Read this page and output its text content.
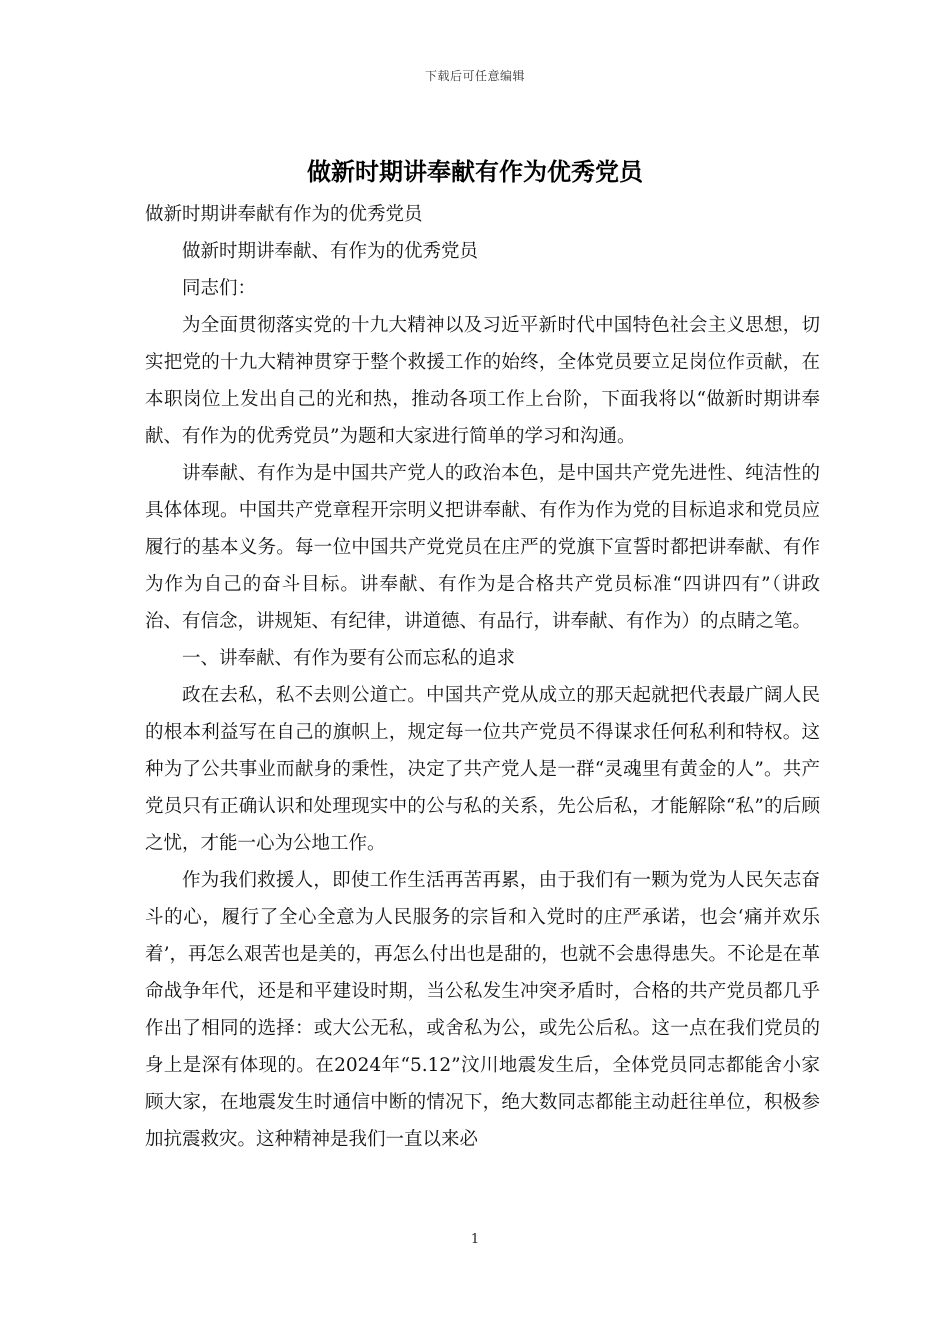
下载后可任意编辑
做新时期讲奉献有作为优秀党员

做新时期讲奉献有作为的优秀党员

做新时期讲奉献、有作为的优秀党员

同志们：

为全面贯彻落实党的十九大精神以及习近平新时代中国特色社会主义思想，切实把党的十九大精神贯穿于整个救援工作的始终，全体党员要立足岗位作贡献，在本职岗位上发出自己的光和热，推动各项工作上台阶，下面我将以“做新时期讲奉献、有作为的优秀党员”为题和大家进行简单的学习和沟通。

讲奉献、有作为是中国共产党人的政治本色，是中国共产党先进性、纯洁性的具体体现。中国共产党章程开宗明义把讲奉献、有作为作为党的目标追求和党员应履行的基本义务。每一位中国共产党党员在庄严的党旗下宣誓时都把讲奉献、有作为作为自己的奋斗目标。讲奉献、有作为是合格共产党员标准“四讲四有”（讲政治、有信念，讲规矩、有纪律，讲道德、有品行，讲奉献、有作为）的点睛之笔。

一、讲奉献、有作为要有公而忘私的追求

政在去私，私不去则公道亡。中国共产党从成立的那天起就把代表最广阔人民的根本利益写在自己的旗帜上，规定每一位共产党员不得谋求任何私利和特权。这种为了公共事业而献身的秉性，决定了共产党人是一群“灵魂里有黄金的人”。共产党员只有正确认识和处理现实中的公与私的关系，先公后私，才能解除“私”的后顾之忧，才能一心为公地工作。

作为我们救援人，即使工作生活再苦再累，由于我们有一颗为党为人民矢志奋斗的心，履行了全心全意为人民服务的宗旨和入党时的庄严承诺，也会‘痛并欢乐着’，再怎么艰苦也是美的，再怎么付出也是甜的，也就不会患得患失。不论是在革命战争年代，还是和平建设时期，当公私发生冲突矛盾时，合格的共产党员都几乎作出了相同的选择：或大公无私，或舍私为公，或先公后私。这一点在我们党员的身上是深有体现的。在2024年“5.12”汶川地震发生后，全体党员同志都能舍小家顾大家，在地震发生时通信中断的情况下，绝大数同志都能主动赶往单位，积极参加抗震救灾。这种精神是我们一直以来必

1
